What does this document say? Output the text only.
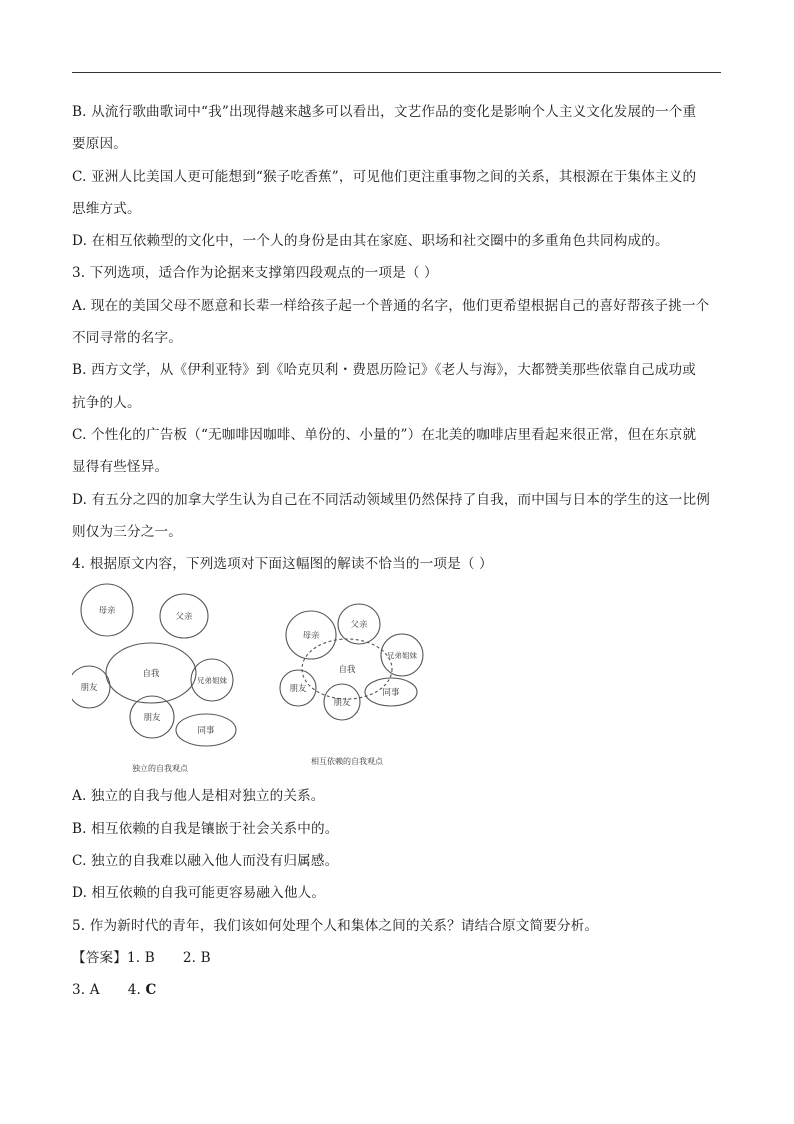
B. 从流行歌曲歌词中“我”出现得越来越多可以看出，文艺作品的变化是影响个人主义文化发展的一个重
要原因。
C. 亚洲人比美国人更可能想到“猴子吃香蕉”，可见他们更注重事物之间的关系，其根源在于集体主义的
思维方式。
D. 在相互依赖型的文化中，一个人的身份是由其在家庭、职场和社交圈中的多重角色共同构成的。
3. 下列选项，适合作为论据来支撑第四段观点的一项是（ ）
A. 现在的美国父母不愿意和长辈一样给孩子起一个普通的名字，他们更希望根据自己的喜好帮孩子挑一个
不同寻常的名字。
B. 西方文学，从《伊利亚特》到《哈克贝利・费恩历险记》《老人与海》，大都赞美那些依靠自己成功或
抗争的人。
C. 个性化的广告板（“无咖啡因咖啡、单份的、小量的”）在北美的咖啡店里看起来很正常，但在东京就
显得有些怪异。
D. 有五分之四的加拿大学生认为自己在不同活动领域里仍然保持了自我，而中国与日本的学生的这一比例
则仅为三分之一。
4. 根据原文内容，下列选项对下面这幅图的解读不恰当的一项是（ ）
母亲
父亲
自我
兄弟姐妹
朋友
朋友
同事
独立的自我观点
母亲
父亲
自我
兄弟姐妹
朋友
朋友
同事
相互依赖的自我观点
A. 独立的自我与他人是相对独立的关系。
B. 相互依赖的自我是镶嵌于社会关系中的。
C. 独立的自我难以融入他人而没有归属感。
D. 相互依赖的自我可能更容易融入他人。
5. 作为新时代的青年，我们该如何处理个人和集体之间的关系？请结合原文简要分析。
【答案】1. B 2. B
3. A 4. C
